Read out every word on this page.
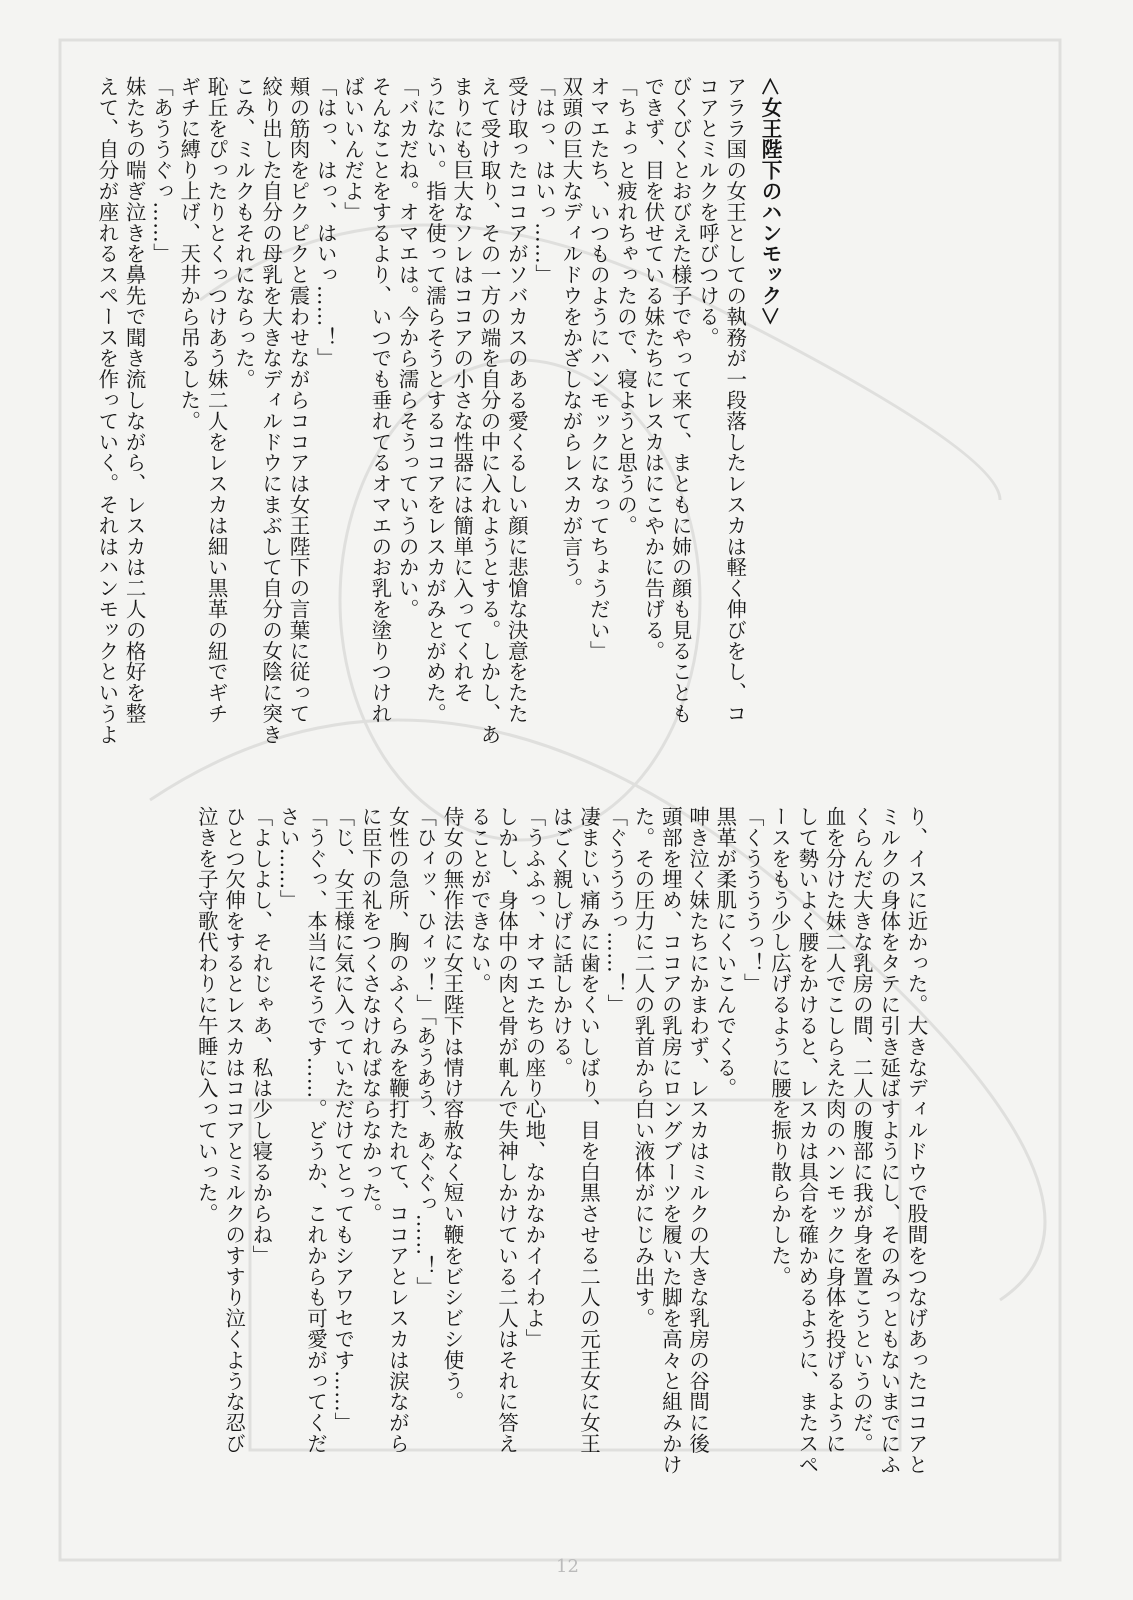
＜女王陛下のハンモック＞
アララ国の女王としての執務が一段落したレスカは軽く伸びをし、コ
コアとミルクを呼びつける。
びくびくとおびえた様子でやって来て、まともに姉の顔も見ることも
できず、目を伏せている妹たちにレスカはにこやかに告げる。
「ちょっと疲れちゃったので、寝ようと思うの。
オマエたち、いつものようにハンモックになってちょうだい」
双頭の巨大なディルドウをかざしながらレスカが言う。
「はっ、はいっ……」
受け取ったココアがソバカスのある愛くるしい顔に悲愴な決意をたた
えて受け取り、その一方の端を自分の中に入れようとする。しかし、あ
まりにも巨大なソレはココアの小さな性器には簡単に入ってくれそ
うにない。指を使って濡らそうとするココアをレスカがみとがめた。
「バカだね。オマエは。今から濡らそうっていうのかい。
そんなことをするより、いつでも垂れてるオマエのお乳を塗りつけれ
ばいいんだよ」
「はっ、はっ、はいっ……！」
頬の筋肉をピクピクと震わせながらココアは女王陛下の言葉に従って
絞り出した自分の母乳を大きなディルドウにまぶして自分の女陰に突き
こみ、ミルクもそれにならった。
恥丘をぴったりとくっつけあう妹二人をレスカは細い黒革の紐でギチ
ギチに縛り上げ、天井から吊るした。
「あううぐっ……」
妹たちの喘ぎ泣きを鼻先で聞き流しながら、レスカは二人の格好を整
えて、自分が座れるスペースを作っていく。それはハンモックというよ
り、イスに近かった。大きなディルドウで股間をつなげあったココアと
ミルクの身体をタテに引き延ばすようにし、そのみっともないまでにふ
くらんだ大きな乳房の間、二人の腹部に我が身を置こうというのだ。
血を分けた妹二人でこしらえた肉のハンモックに身体を投げるように
して勢いよく腰をかけると、レスカは具合を確かめるように、またスペ
ースをもう少し広げるように腰を振り散らかした。
「くううううっ！」
黒革が柔肌にくいこんでくる。
呻き泣く妹たちにかまわず、レスカはミルクの大きな乳房の谷間に後
頭部を埋め、ココアの乳房にロングブーツを履いた脚を高々と組みかけ
た。その圧力に二人の乳首から白い液体がにじみ出す。
「ぐうううっ……！」
凄まじい痛みに歯をくいしばり、目を白黒させる二人の元王女に女王
はごく親しげに話しかける。
「うふふっ、オマエたちの座り心地、なかなかイイわよ」
しかし、身体中の肉と骨が軋んで失神しかけている二人はそれに答え
ることができない。
侍女の無作法に女王陛下は情け容赦なく短い鞭をビシビシ使う。
「ひィッ、ひィッ！」「あうあう、あぐぐっ……！」
女性の急所、胸のふくらみを鞭打たれて、ココアとレスカは涙ながら
に臣下の礼をつくさなければならなかった。
「じ、女王様に気に入っていただけてとってもシアワセです……」
「うぐっ、本当にそうです……。どうか、これからも可愛がってくだ
さい……」
「よしよし、それじゃあ、私は少し寝るからね」
ひとつ欠伸をするとレスカはココアとミルクのすすり泣くような忍び
泣きを子守歌代わりに午睡に入っていった。
12
